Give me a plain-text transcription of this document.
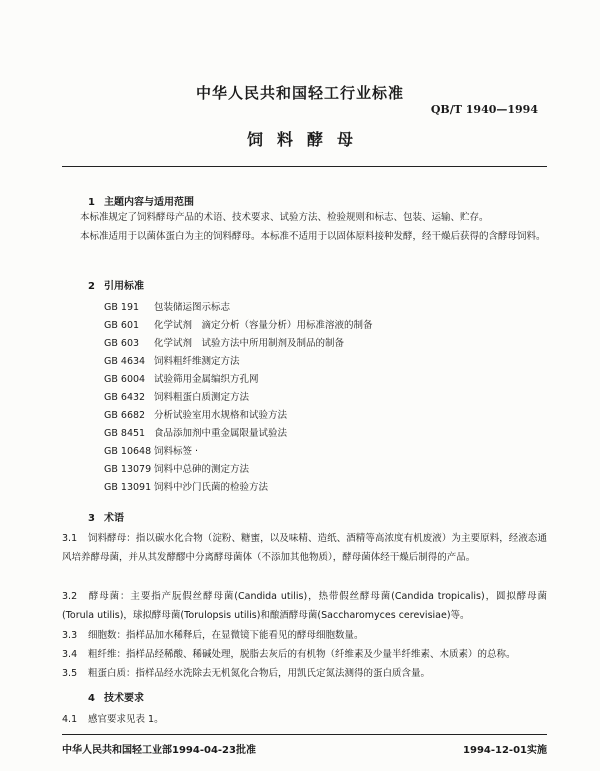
中华人民共和国轻工行业标准
QB/T 1940—1994
饲料酵母
1 主题内容与适用范围
本标准规定了饲料酵母产品的术语、技术要求、试验方法、检验规则和标志、包装、运输、贮存。
本标准适用于以菌体蛋白为主的饲料酵母。本标准不适用于以固体原料接种发酵，经干燥后获得的含酵母饲料。
2 引用标准
GB 191 包装储运图示标志
GB 601 化学试剂　滴定分析（容量分析）用标准溶液的制备
GB 603 化学试剂　试验方法中所用制剂及制品的制备
GB 4634 饲料粗纤维测定方法
GB 6004 试验筛用金属编织方孔网
GB 6432 饲料粗蛋白质测定方法
GB 6682 分析试验室用水规格和试验方法
GB 8451 食品添加剂中重金属限量试验法
GB 10648 饲料标签 ·
GB 13079 饲料中总砷的测定方法
GB 13091 饲料中沙门氏菌的检验方法
3 术语
3.1 饲料酵母：指以碳水化合物（淀粉、糖蜜，以及味精、造纸、酒精等高浓度有机废液）为主要原料，经液态通风培养酵母菌，并从其发酵醪中分离酵母菌体（不添加其他物质），酵母菌体经干燥后制得的产品。
3.2 酵母菌：主要指产朊假丝酵母菌(Candida utilis)，热带假丝酵母菌(Candida tropicalis)，圆拟酵母菌(Torula utilis)，球拟酵母菌(Torulopsis utilis)和酿酒酵母菌(Saccharomyces cerevisiae)等。
3.3 细胞数：指样品加水稀释后，在显微镜下能看见的酵母细胞数量。
3.4 粗纤维：指样品经稀酸、稀碱处理，脱脂去灰后的有机物（纤维素及少量半纤维素、木质素）的总称。
3.5 粗蛋白质：指样品经水洗除去无机氮化合物后，用凯氏定氮法测得的蛋白质含量。
4 技术要求
4.1 感官要求见表 1。
中华人民共和国轻工业部1994-04-23批准	1994-12-01实施
